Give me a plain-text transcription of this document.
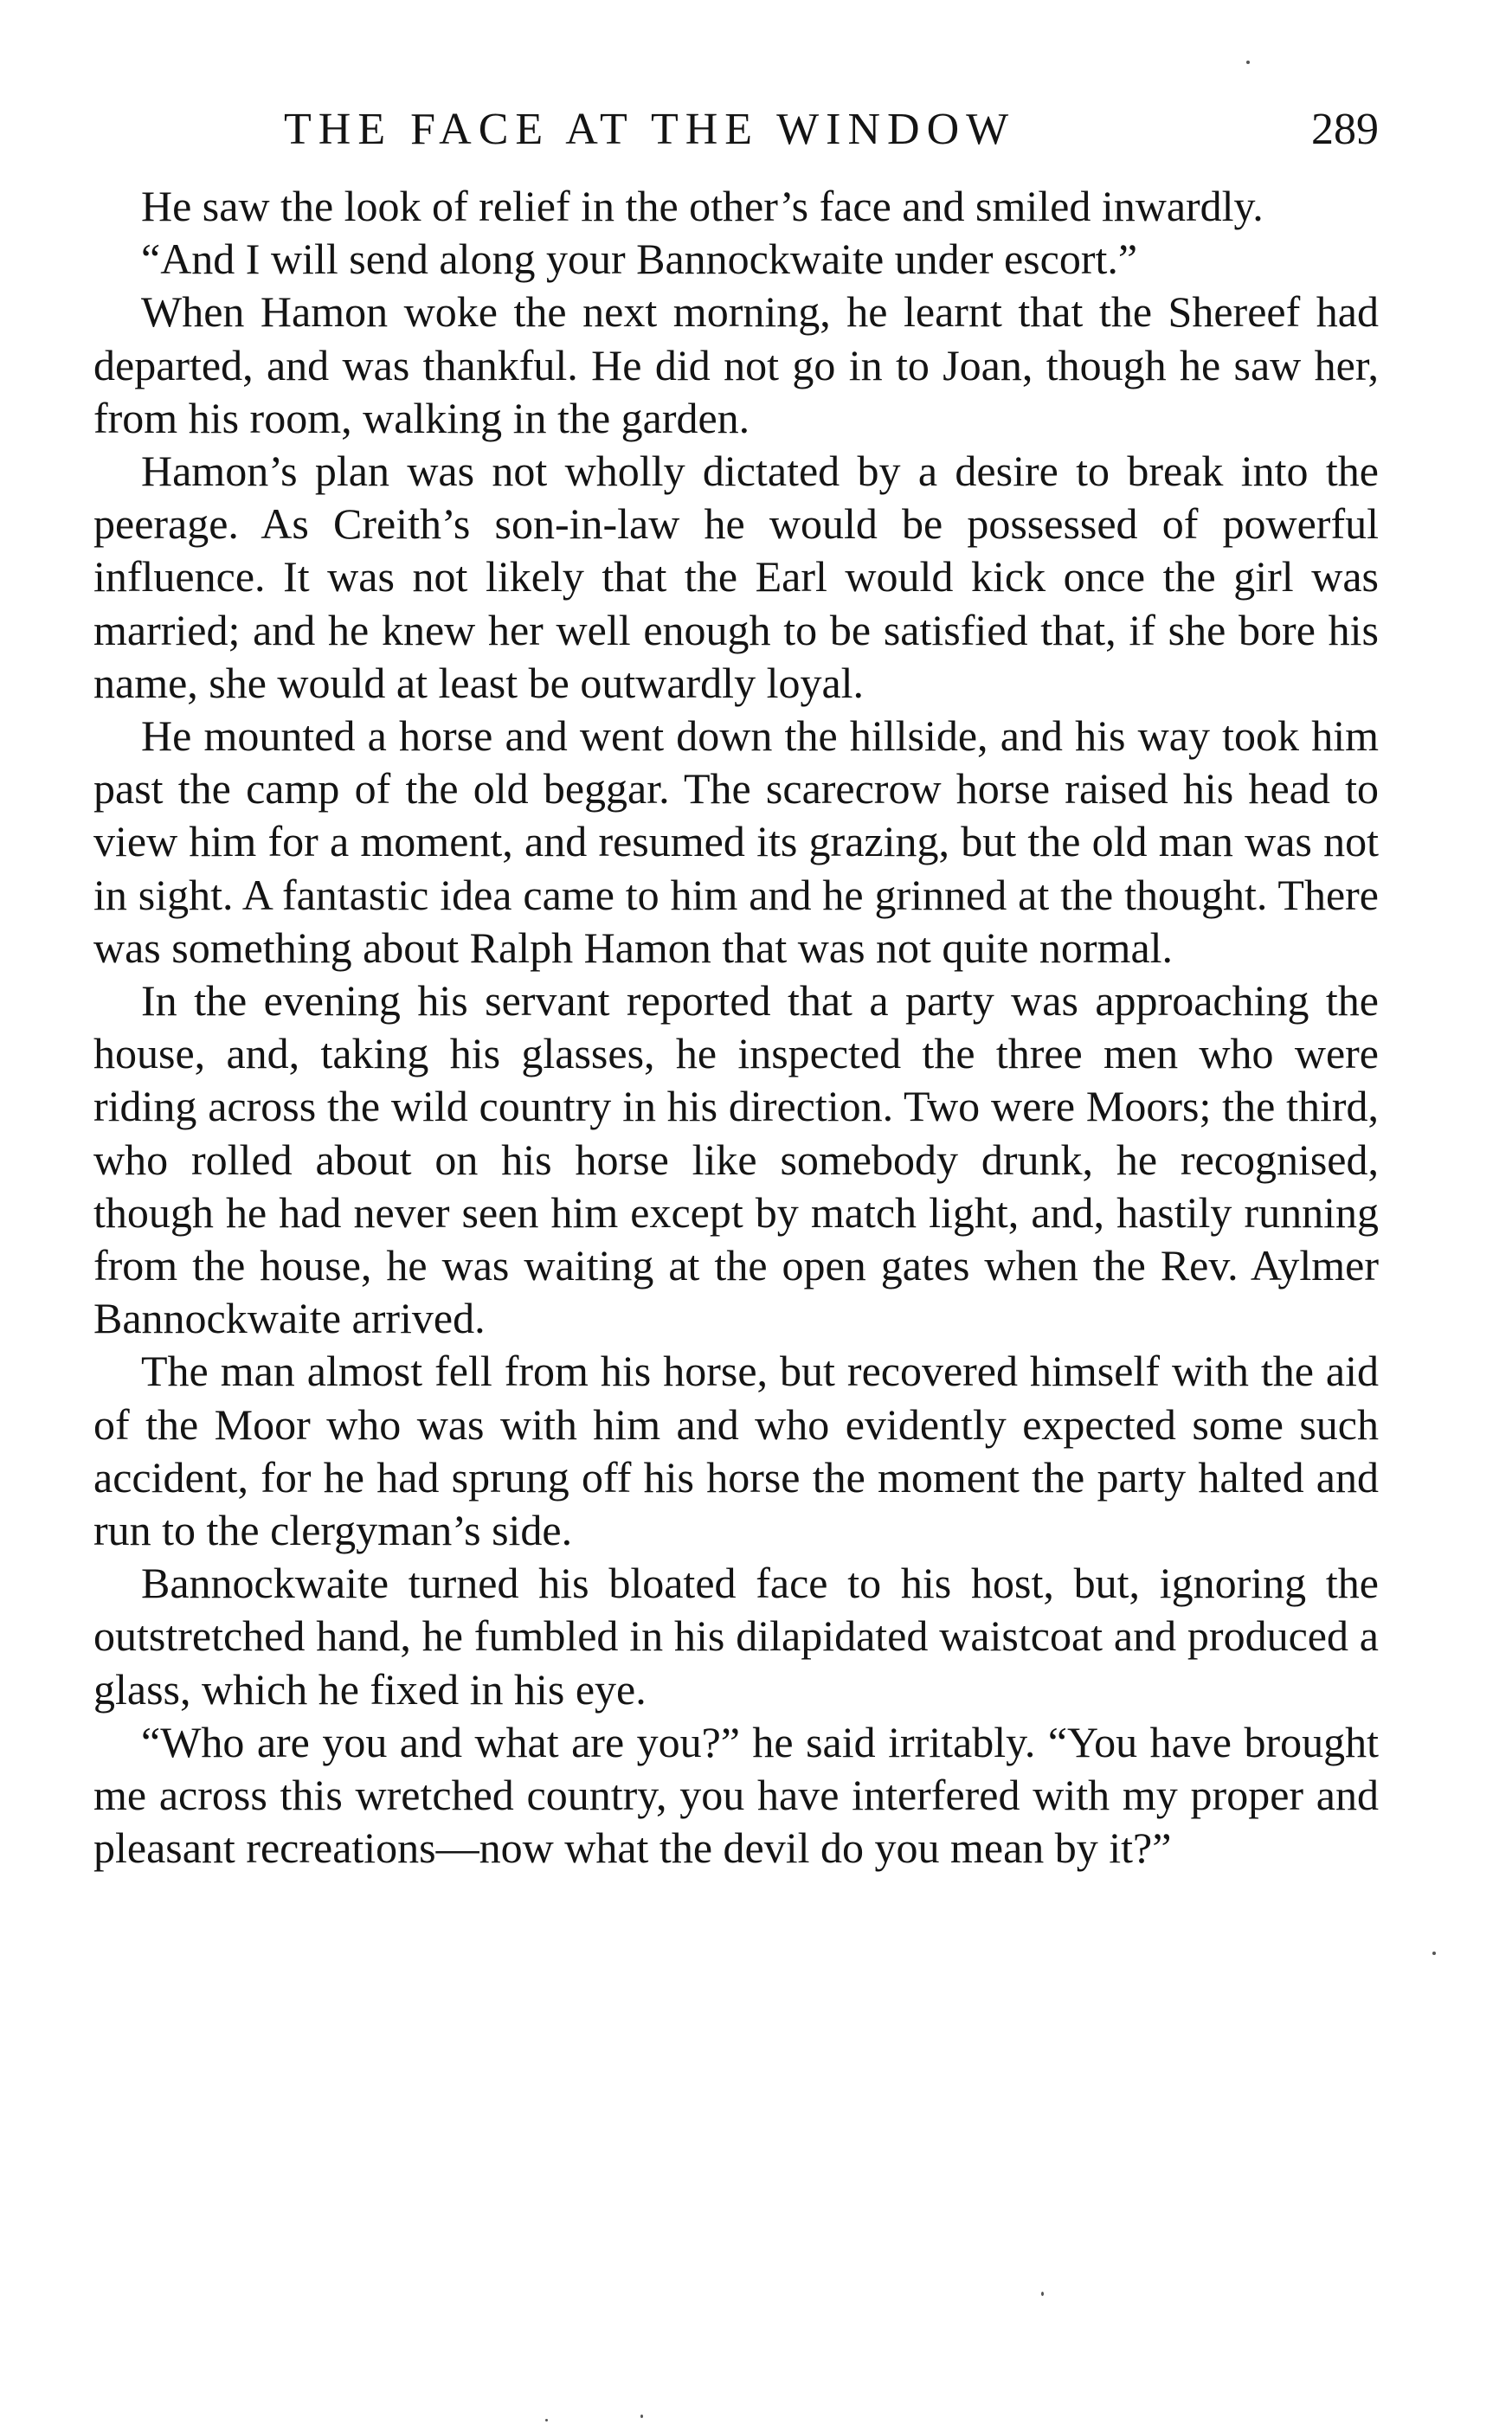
THE FACE AT THE WINDOW	289

He saw the look of relief in the other’s face and smiled inwardly.

“And I will send along your Bannockwaite under escort.”

When Hamon woke the next morning, he learnt that the Shereef had departed, and was thankful. He did not go in to Joan, though he saw her, from his room, walking in the garden.

Hamon’s plan was not wholly dictated by a desire to break into the peerage. As Creith’s son-in-law he would be possessed of powerful influence. It was not likely that the Earl would kick once the girl was married; and he knew her well enough to be satisfied that, if she bore his name, she would at least be outwardly loyal.

He mounted a horse and went down the hillside, and his way took him past the camp of the old beggar. The scarecrow horse raised his head to view him for a moment, and resumed its grazing, but the old man was not in sight. A fantastic idea came to him and he grinned at the thought. There was something about Ralph Hamon that was not quite normal.

In the evening his servant reported that a party was approaching the house, and, taking his glasses, he inspected the three men who were riding across the wild country in his direction. Two were Moors; the third, who rolled about on his horse like somebody drunk, he recognised, though he had never seen him except by match light, and, hastily running from the house, he was waiting at the open gates when the Rev. Aylmer Bannockwaite arrived.

The man almost fell from his horse, but recovered himself with the aid of the Moor who was with him and who evidently expected some such accident, for he had sprung off his horse the moment the party halted and run to the clergyman’s side.

Bannockwaite turned his bloated face to his host, but, ignoring the outstretched hand, he fumbled in his dilapidated waistcoat and produced a glass, which he fixed in his eye.

“Who are you and what are you?” he said irritably. “You have brought me across this wretched country, you have interfered with my proper and pleasant recreations—now what the devil do you mean by it?”
